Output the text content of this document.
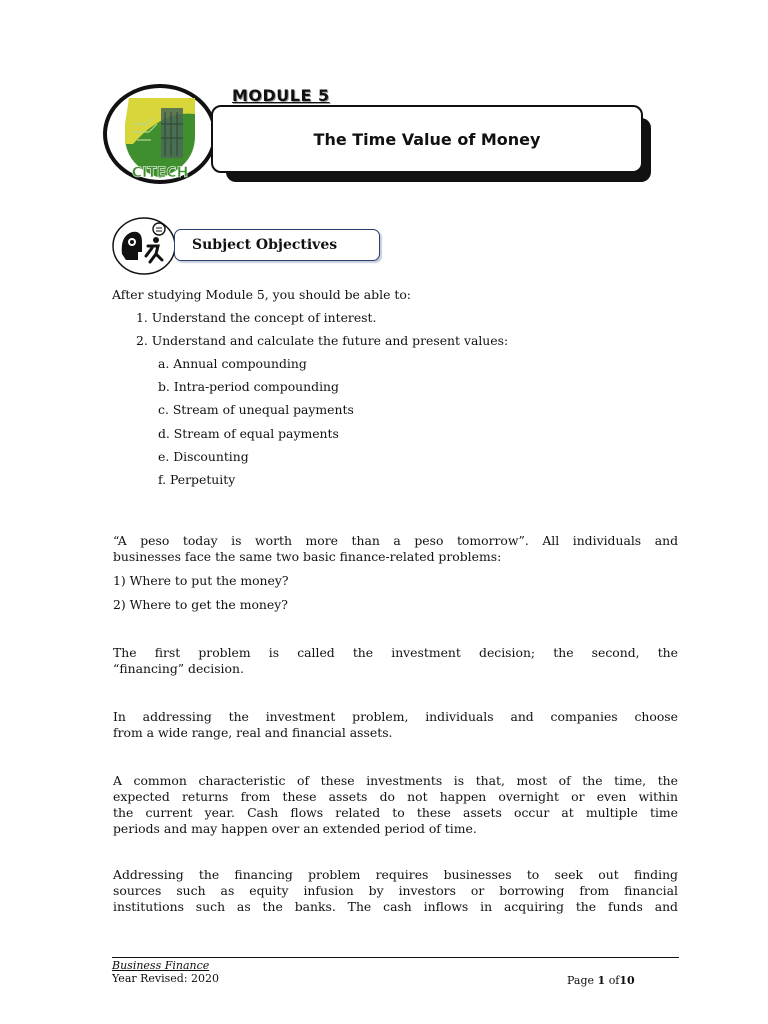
CITECH
MODULE 5
The Time Value of Money
Subject Objectives
After studying Module 5, you should be able to:
1. Understand the concept of interest.
2. Understand and calculate the future and present values:
a. Annual compounding
b. Intra-period compounding
c. Stream of unequal payments
d. Stream of equal payments
e. Discounting
f. Perpetuity
“A peso today is worth more than a peso tomorrow”. All individuals and
businesses face the same two basic finance-related problems:
1) Where to put the money?
2) Where to get the money?
The first problem is called the investment decision; the second, the
“financing” decision.
In addressing the investment problem, individuals and companies choose
from a wide range, real and financial assets.
A common characteristic of these investments is that, most of the time, the
expected returns from these assets do not happen overnight or even within
the current year. Cash flows related to these assets occur at multiple time
periods and may happen over an extended period of time.
Addressing the financing problem requires businesses to seek out finding
sources such as equity infusion by investors or borrowing from financial
institutions such as the banks. The cash inflows in acquiring the funds and
Business Finance
Year Revised: 2020	Page 1 of10
